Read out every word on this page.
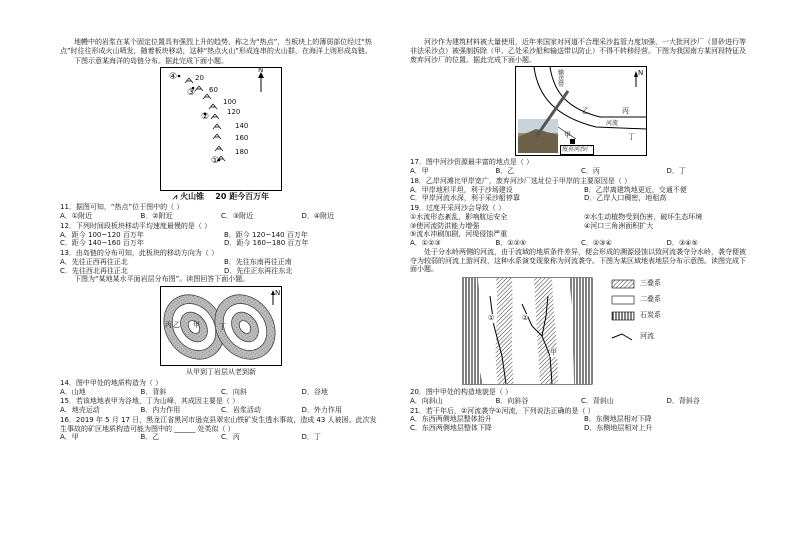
地幔中的岩浆在某个固定位置具有强烈上升的趋势，称之为“热点”，当板块上的薄弱部位经过“热点”时往往形成火山喷发，随着板块移动，这种“热点火山”形成连串的火山群，在海洋上则形成岛链。

下图示意某海洋的岛链分布。据此完成下面小题。

N
④
③
②
①
20
60
100
120
140
160
180
⩘ 火山锥 20 距今百万年

11．据图可知，“热点”位于图中的（ ）

A．①附近	B．②附近	C．③附近	D．④附近

12．下列时间段板块移动平均速度最慢的是（ ）

A．距今 100~120 百万年	B．距今 120~140 百万年
C．距今 140~160 百万年	D．距今 160~180 百万年

13．由岛链的分布可知，此板块的移动方向为（ ）

A．先往正西再往正北	B．先往东南再往正南
C．先往西北再往正北	D．先往正东再往东北

下图为“某地某水平面岩层分布图”。读图回答下面小题。

N
丙 乙 甲	丁

从甲到丁岩层从老到新

14．图中甲处的地质构造为（ ）

A．山地	B．背斜	C．向斜	D．谷地

15．若该地地表甲为谷地，丁为山峰，其成因主要是（ ）

A．地壳运动	B．内力作用	C．岩浆活动	D．外力作用

16．2019 年 5 月 17 日，黑龙江省黑河市逊克县翠宏山铁矿发生透水事故，造成 43 人被困。此次发生事故的矿区地质构造可能为图中的 ______ 处类似（ ）

A．甲	B．乙	C．丙	D．丁

河沙作为建筑材料被大量使用，近年来国家对河道不合理采沙监管力度加强，一大批河沙厂（冒砂进行等非法采沙点）被强制拆除（甲、乙处采沙船和输送带以防止）不得不转移经营。下图为我国南方某河段特征及废弃河沙厂的位置。据此完成下面小题。

N
输送带
乙	丙
河流
丁
甲
废弃河沙厂

17．图中河沙资源最丰富的地点是（ ）

A．甲	B．乙	C．丙	D．丁

18．乙岸河滩比甲岸宽广，废弃河沙厂选址位于甲岸的主要原因是（ ）

A．甲岸地形平坦，利于沙场建设	B．乙岸离建筑地更近，交通不便
C．甲岸河流水深，利于采沙船停靠	D．乙岸人口稠密，地租高

19．过度开采河沙会导致（ ）

①水流形态紊乱，影响航运安全	②水生动植物受到伤害，破坏生态环境
③使河流防洪能力增强	④河口三角洲面积扩大
⑤流水冲刷加剧，河堤侵蚀严重
A．①②③	B．①②⑤	C．②③④	D．③④⑤

处于分水岭两侧的河流，由于流域的地质条件差异，便会形成的溯源侵蚀以致河流袭夺分水岭，袭夺便被夺为较弱的河流上游河段，这种水系演变现象称为河流袭夺。下图为某区域地表地层分布示意图。读图完成下面小题。

①	②
甲
三叠系
二叠系
石炭系
河流

20．图中甲处的构造地貌是（ ）

A．向斜山	B．向斜谷	C．背斜山	D．背斜谷

21．若干年后，②河流袭夺①河流，下列说法正确的是（ ）

A．东西两侧地层整体抬升	B．东侧地层相对下降
C．东西两侧地层整体下降	D．东侧地层相对上升
